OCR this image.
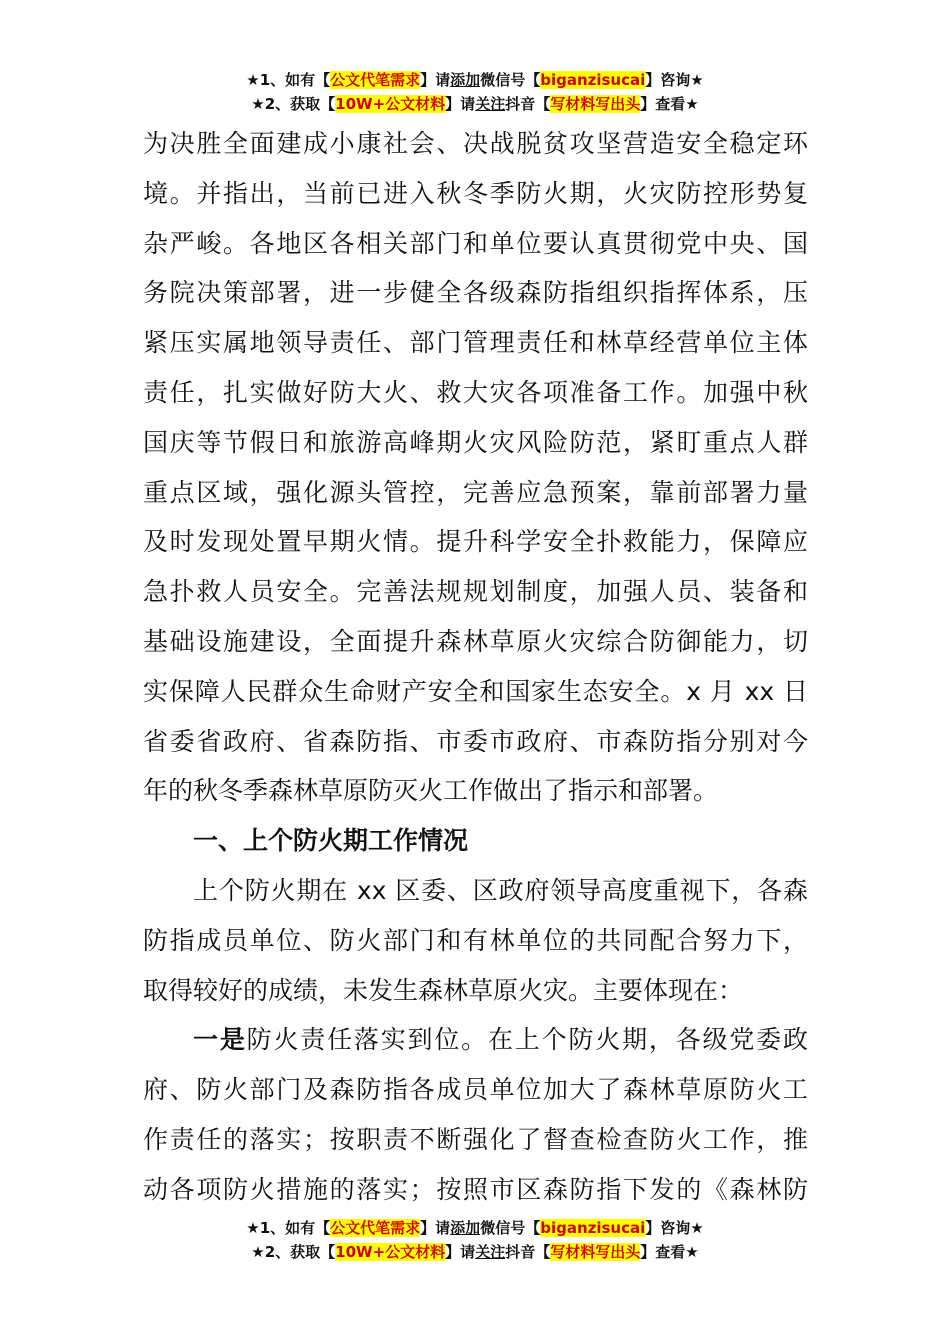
★1、如有【公文代笔需求】请添加微信号【biganzisucai】咨询★
★2、获取【10W+公文材料】请关注抖音【写材料写出头】查看★
为决胜全面建成小康社会、决战脱贫攻坚营造安全稳定环
境。并指出，当前已进入秋冬季防火期，火灾防控形势复
杂严峻。各地区各相关部门和单位要认真贯彻党中央、国
务院决策部署，进一步健全各级森防指组织指挥体系，压
紧压实属地领导责任、部门管理责任和林草经营单位主体
责任，扎实做好防大火、救大灾各项准备工作。加强中秋
国庆等节假日和旅游高峰期火灾风险防范，紧盯重点人群
重点区域，强化源头管控，完善应急预案，靠前部署力量
及时发现处置早期火情。提升科学安全扑救能力，保障应
急扑救人员安全。完善法规规划制度，加强人员、装备和
基础设施建设，全面提升森林草原火灾综合防御能力，切
实保障人民群众生命财产安全和国家生态安全。x 月 xx 日
省委省政府、省森防指、市委市政府、市森防指分别对今
年的秋冬季森林草原防灭火工作做出了指示和部署。
一、上个防火期工作情况
上个防火期在 xx 区委、区政府领导高度重视下，各森
防指成员单位、防火部门和有林单位的共同配合努力下，
取得较好的成绩，未发生森林草原火灾。主要体现在：
一是防火责任落实到位。在上个防火期，各级党委政
府、防火部门及森防指各成员单位加大了森林草原防火工
作责任的落实；按职责不断强化了督查检查防火工作，推
动各项防火措施的落实；按照市区森防指下发的《森林防
★1、如有【公文代笔需求】请添加微信号【biganzisucai】咨询★
★2、获取【10W+公文材料】请关注抖音【写材料写出头】查看★
